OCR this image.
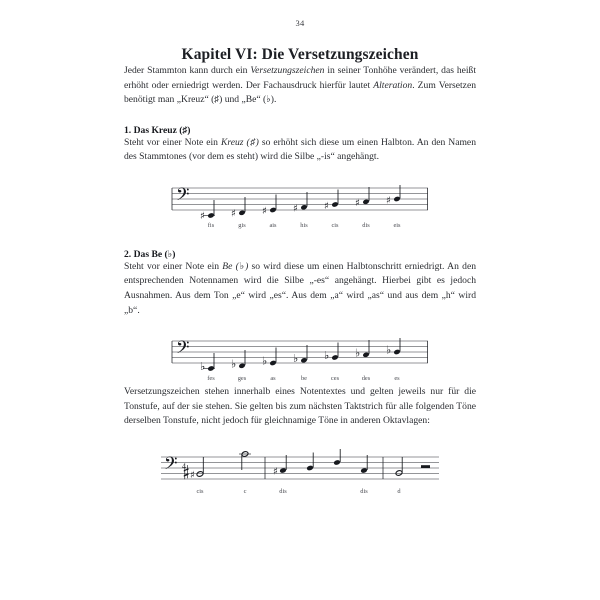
34
Kapitel VI: Die Versetzungszeichen

Jeder Stammton kann durch ein Versetzungszeichen in seiner Tonhöhe verändert, das heißt erhöht oder erniedrigt werden. Der Fachausdruck hierfür lautet Alteration. Zum Versetzen benötigt man „Kreuz“ (♯) und „Be“ (♭).

1. Das Kreuz (♯)

Steht vor einer Note ein Kreuz (♯) so erhöht sich diese um einen Halbton. An den Namen des Stammtones (vor dem es steht) wird die Silbe „-is“ angehängt.

𝄢
♯
fis
♯
gis
♯
ais
♯
his
♯
cis
♯
dis
♯
eis

2. Das Be (♭)

Steht vor einer Note ein Be (♭) so wird diese um einen Halbtonschritt erniedrigt. An den entsprechenden Notennamen wird die Silbe „-es“ angehängt. Hierbei gibt es jedoch Ausnahmen. Aus dem Ton „e“ wird „es“. Aus dem „a“ wird „as“ und aus dem „h“ wird „b“.

𝄢
♭
fes
♭
ges
♭
as
♭
be
♭
ces
♭
des
♭
es

Versetzungszeichen stehen innerhalb eines Notentextes und gelten jeweils nur für die Tonstufe, auf der sie stehen. Sie gelten bis zum nächsten Taktstrich für alle folgenden Töne derselben Tonstufe, nicht jedoch für gleichnamige Töne in anderen Oktavlagen:

𝄢 𝄲 ♯
cis	c
♯
dis	dis	d
